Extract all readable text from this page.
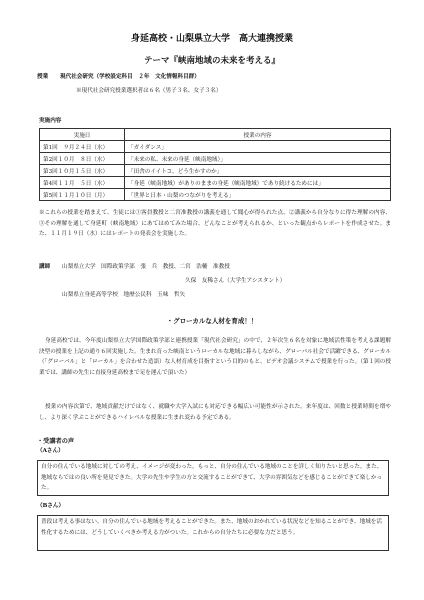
身延高校・山梨県立大学　高大連携授業
テーマ『峡南地域の未来を考える』
授業 現代社会研究（学校設定科目　２年　文化情報科目群）
※現代社会研究授業選択者は６名（男子３名、女子３名）
実施内容
実施日	授業の内容
第1回　９月２４日（水）	「ガイダンス」
第2回１０月　８日（水）	「未来の私、未来の身延（峡南地域）」
第3回１０月１５日（水）	「田舎のイイトコ、どう生かすのか」
第4回１１月　５日（水）	「身延（峡南地域）がありのままの身延（峡南地域）であり続けるためには」
第5回１１月１０日（月）	「世界と日本・山梨のつながりを考える」
※これらの授業を踏まえて、生徒には①客員教授と二宮准教授の講義を通して聞心が得られた点、②講義から自分なりに得た理解の内容、③その理解を通して身延町（峡南地域）にあてはめてみた場合、どんなことが考えられるか、といった観点からレポートを作成させた。また、１１月１９日（水）にはレポートの発表会を実施した。
講師 山梨県立大学　国際政策学部　張　兵　教授、二宮　浩輔　准教授
久保　友稀さん（大学生アシスタント）
山梨県立身延高等学校　地歴公民科　玉味　哲矢
・グローカルな人材を育成！！
身延高校では、今年度山梨県立大学国際政策学部と連携授業「現代社会研究」の中で、２年次生６名を対象に地域活性策を考える課題解決型の授業を上記の通り６回実施した。生まれ育った峡南というローカルな地域に暮らしながら、グローバル社会で活躍できる、グローカル（「グローバル」と「ローカル」を合わせた造語）な人材育成を目指すという目的のもと、ビデオ会議システムで授業を行った。（第１回の授業では、講師の先生に直接身延高校まで足を運んで頂いた）
授業の内容次第で、地域貢献だけではなく、就職や大学入試にも対応できる幅広い可能性が示された。来年度は、回数と授業時間を増やし、より深く学ぶことができるハイレベルな授業に生まれ変わる予定である。
・受講者の声
（Aさん）
自分の住んでいる地域に対しての考え、イメージが変わった。もっと、自分の住んでいる地域のことを詳しく知りたいと思った。また、地域ならではの良い所を発見できた。大学の先生や学生の方と交流することができて、大学の雰囲気などを感じることができて楽しかった。
（Bさん）
普段は考える事はない、自分の住んでいる地域を考えることができた。また、地域のおかれている状況などを知ることができ、地域を活性化するためには、どうしていくべきか考える力がついた。これからの自分たちに必要な力だと思う。
